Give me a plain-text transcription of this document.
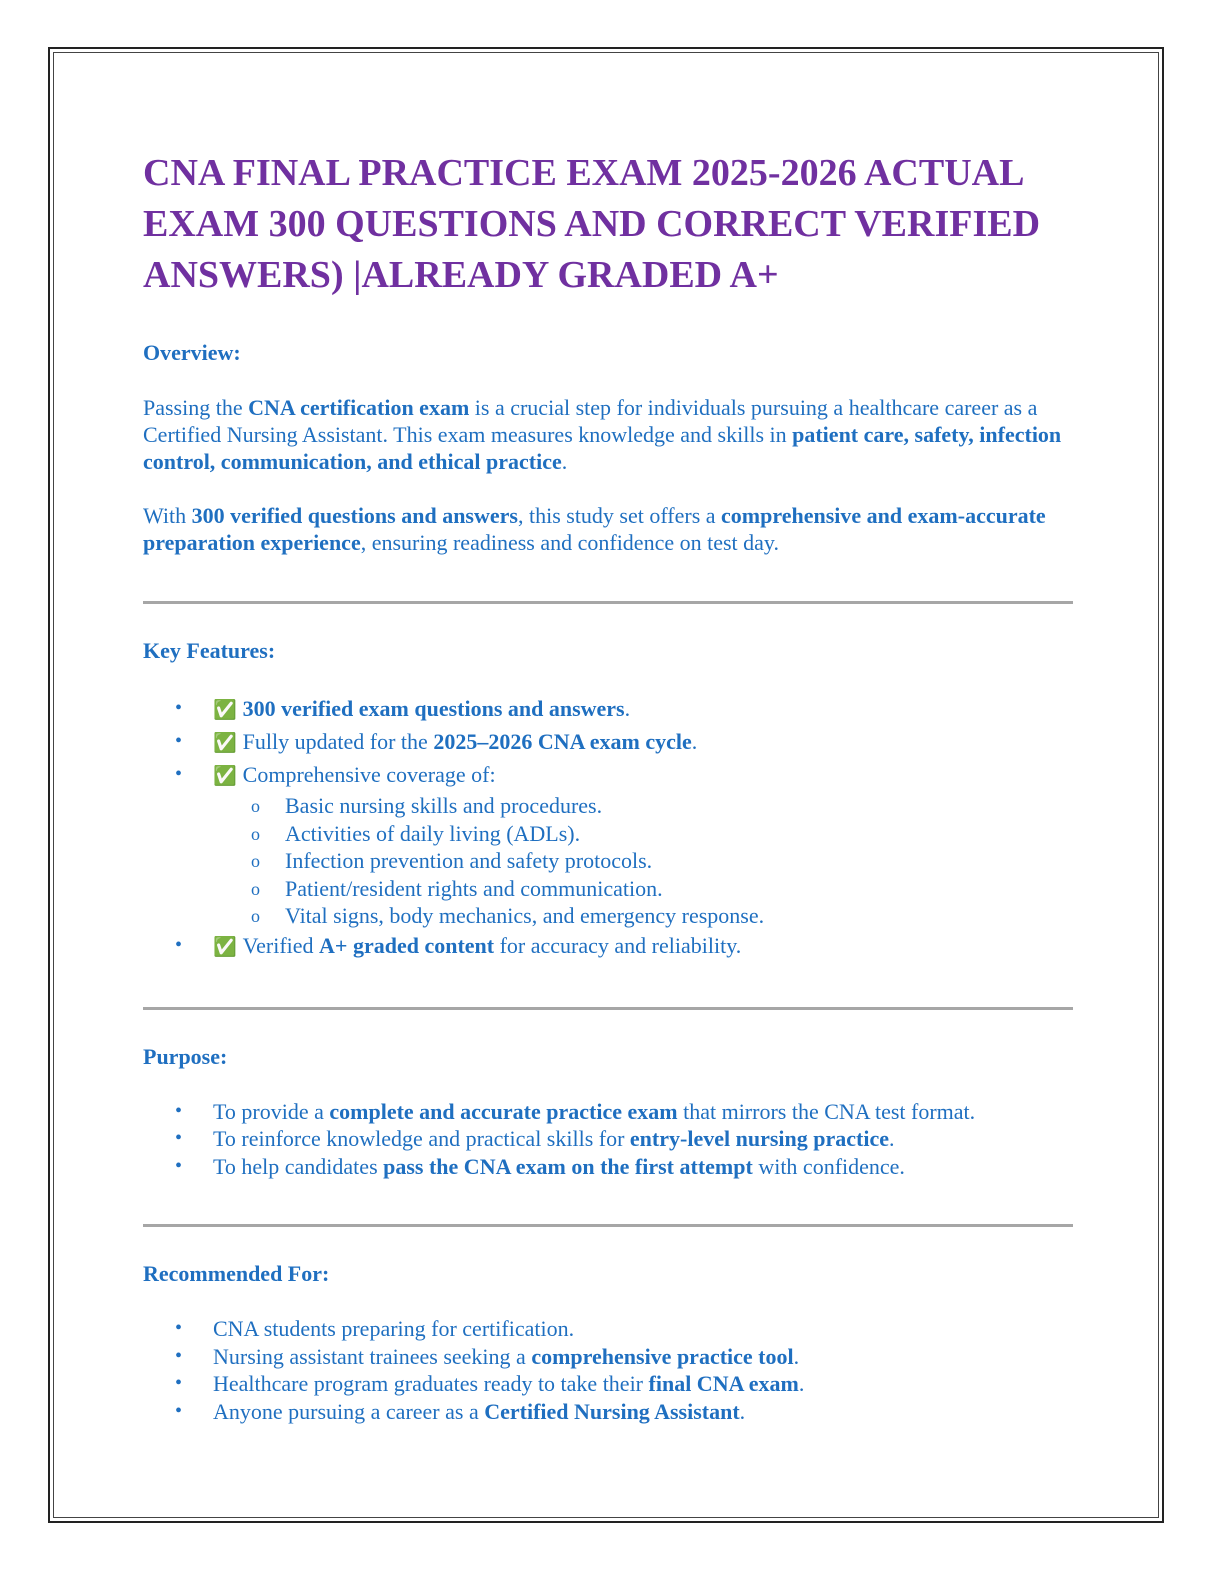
CNA FINAL PRACTICE EXAM 2025-2026 ACTUAL EXAM 300 QUESTIONS AND CORRECT VERIFIED ANSWERS) |ALREADY GRADED A+
Overview:

Passing the CNA certification exam is a crucial step for individuals pursuing a healthcare career as a Certified Nursing Assistant. This exam measures knowledge and skills in patient care, safety, infection control, communication, and ethical practice.

With 300 verified questions and answers, this study set offers a comprehensive and exam-accurate preparation experience, ensuring readiness and confidence on test day.

Key Features:
• ✅ 300 verified exam questions and answers.
• ✅ Fully updated for the 2025–2026 CNA exam cycle.
• ✅ Comprehensive coverage of:
o Basic nursing skills and procedures.
o Activities of daily living (ADLs).
o Infection prevention and safety protocols.
o Patient/resident rights and communication.
o Vital signs, body mechanics, and emergency response.
• ✅ Verified A+ graded content for accuracy and reliability.
Purpose:
• To provide a complete and accurate practice exam that mirrors the CNA test format.
• To reinforce knowledge and practical skills for entry-level nursing practice.
• To help candidates pass the CNA exam on the first attempt with confidence.
Recommended For:
• CNA students preparing for certification.
• Nursing assistant trainees seeking a comprehensive practice tool.
• Healthcare program graduates ready to take their final CNA exam.
• Anyone pursuing a career as a Certified Nursing Assistant.
